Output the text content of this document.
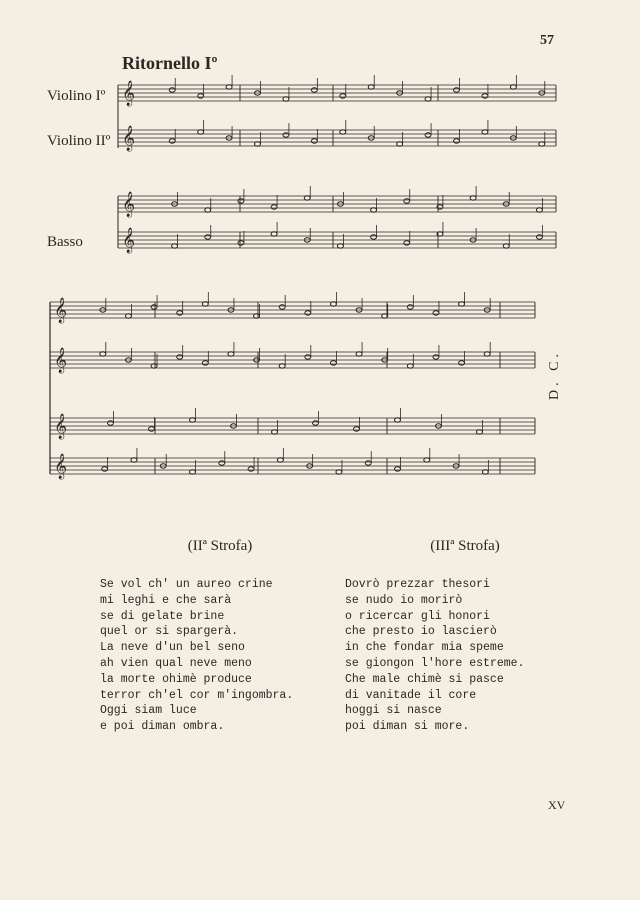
57
Ritornello Iº
Violino Iº
Violino IIº
Basso
𝄞
𝄞
𝄞
𝄞
𝄞
𝄞
𝄞
𝄞
D. C.
(IIª Strofa)
Se vol ch' un aureo crine
mi leghi e che sarà
se di gelate brine
quel or si spargerà.
La neve d'un bel seno
ah vien qual neve meno
la morte ohimè produce
terror ch'el cor m'ingombra.
Oggi siam luce
e poi diman ombra.
(IIIª Strofa)
Dovrò prezzar thesori
se nudo io morirò
o ricercar gli honori
che presto io lascierò
in che fondar mia speme
se giongon l'hore estreme.
Che male chimè si pasce
di vanitade il core
hoggi si nasce
poi diman si more.
XV
